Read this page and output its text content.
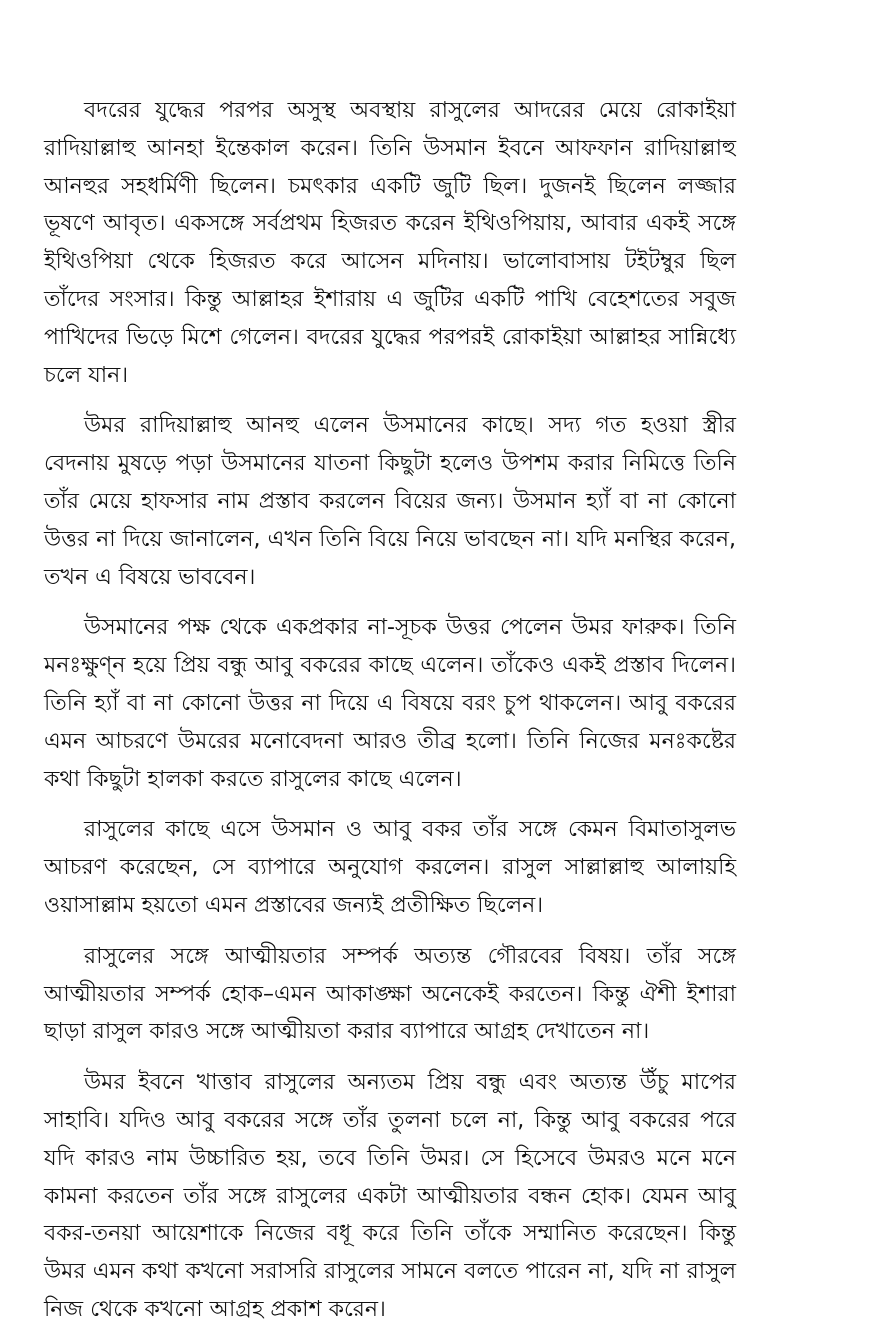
বদরের যুদ্ধের পরপর অসুস্থ অবস্থায় রাসুলের আদরের মেয়ে রোকাইয়া রাদিয়াল্লাহু আনহা ইন্তেকাল করেন। তিনি উসমান ইবনে আফফান রাদিয়াল্লাহু আনহুর সহধর্মিণী ছিলেন। চমৎকার একটি জুটি ছিল। দুজনই ছিলেন লজ্জার ভূষণে আবৃত। একসঙ্গে সর্বপ্রথম হিজরত করেন ইথিওপিয়ায়, আবার একই সঙ্গে ইথিওপিয়া থেকে হিজরত করে আসেন মদিনায়। ভালোবাসায় টইটম্বুর ছিল তাঁদের সংসার। কিন্তু আল্লাহর ইশারায় এ জুটির একটি পাখি বেহেশতের সবুজ পাখিদের ভিড়ে মিশে গেলেন। বদরের যুদ্ধের পরপরই রোকাইয়া আল্লাহর সান্নিধ্যে চলে যান।

উমর রাদিয়াল্লাহু আনহু এলেন উসমানের কাছে। সদ্য গত হওয়া স্ত্রীর বেদনায় মুষড়ে পড়া উসমানের যাতনা কিছুটা হলেও উপশম করার নিমিত্তে তিনি তাঁর মেয়ে হাফসার নাম প্রস্তাব করলেন বিয়ের জন্য। উসমান হ্যাঁ বা না কোনো উত্তর না দিয়ে জানালেন, এখন তিনি বিয়ে নিয়ে ভাবছেন না। যদি মনস্থির করেন, তখন এ বিষয়ে ভাববেন।

উসমানের পক্ষ থেকে একপ্রকার না-সূচক উত্তর পেলেন উমর ফারুক। তিনি মনঃক্ষুণ্ন হয়ে প্রিয় বন্ধু আবু বকরের কাছে এলেন। তাঁকেও একই প্রস্তাব দিলেন। তিনি হ্যাঁ বা না কোনো উত্তর না দিয়ে এ বিষয়ে বরং চুপ থাকলেন। আবু বকরের এমন আচরণে উমরের মনোবেদনা আরও তীব্র হলো। তিনি নিজের মনঃকষ্টের কথা কিছুটা হালকা করতে রাসুলের কাছে এলেন।

রাসুলের কাছে এসে উসমান ও আবু বকর তাঁর সঙ্গে কেমন বিমাতাসুলভ আচরণ করেছেন, সে ব্যাপারে অনুযোগ করলেন। রাসুল সাল্লাল্লাহু আলায়হি ওয়াসাল্লাম হয়তো এমন প্রস্তাবের জন্যই প্রতীক্ষিত ছিলেন।

রাসুলের সঙ্গে আত্মীয়তার সম্পর্ক অত্যন্ত গৌরবের বিষয়। তাঁর সঙ্গে আত্মীয়তার সম্পর্ক হোক–এমন আকাঙ্ক্ষা অনেকেই করতেন। কিন্তু ঐশী ইশারা ছাড়া রাসুল কারও সঙ্গে আত্মীয়তা করার ব্যাপারে আগ্রহ দেখাতেন না।

উমর ইবনে খাত্তাব রাসুলের অন্যতম প্রিয় বন্ধু এবং অত্যন্ত উঁচু মাপের সাহাবি। যদিও আবু বকরের সঙ্গে তাঁর তুলনা চলে না, কিন্তু আবু বকরের পরে যদি কারও নাম উচ্চারিত হয়, তবে তিনি উমর। সে হিসেবে উমরও মনে মনে কামনা করতেন তাঁর সঙ্গে রাসুলের একটা আত্মীয়তার বন্ধন হোক। যেমন আবু বকর-তনয়া আয়েশাকে নিজের বধূ করে তিনি তাঁকে সম্মানিত করেছেন। কিন্তু উমর এমন কথা কখনো সরাসরি রাসুলের সামনে বলতে পারেন না, যদি না রাসুল নিজ থেকে কখনো আগ্রহ প্রকাশ করেন।
